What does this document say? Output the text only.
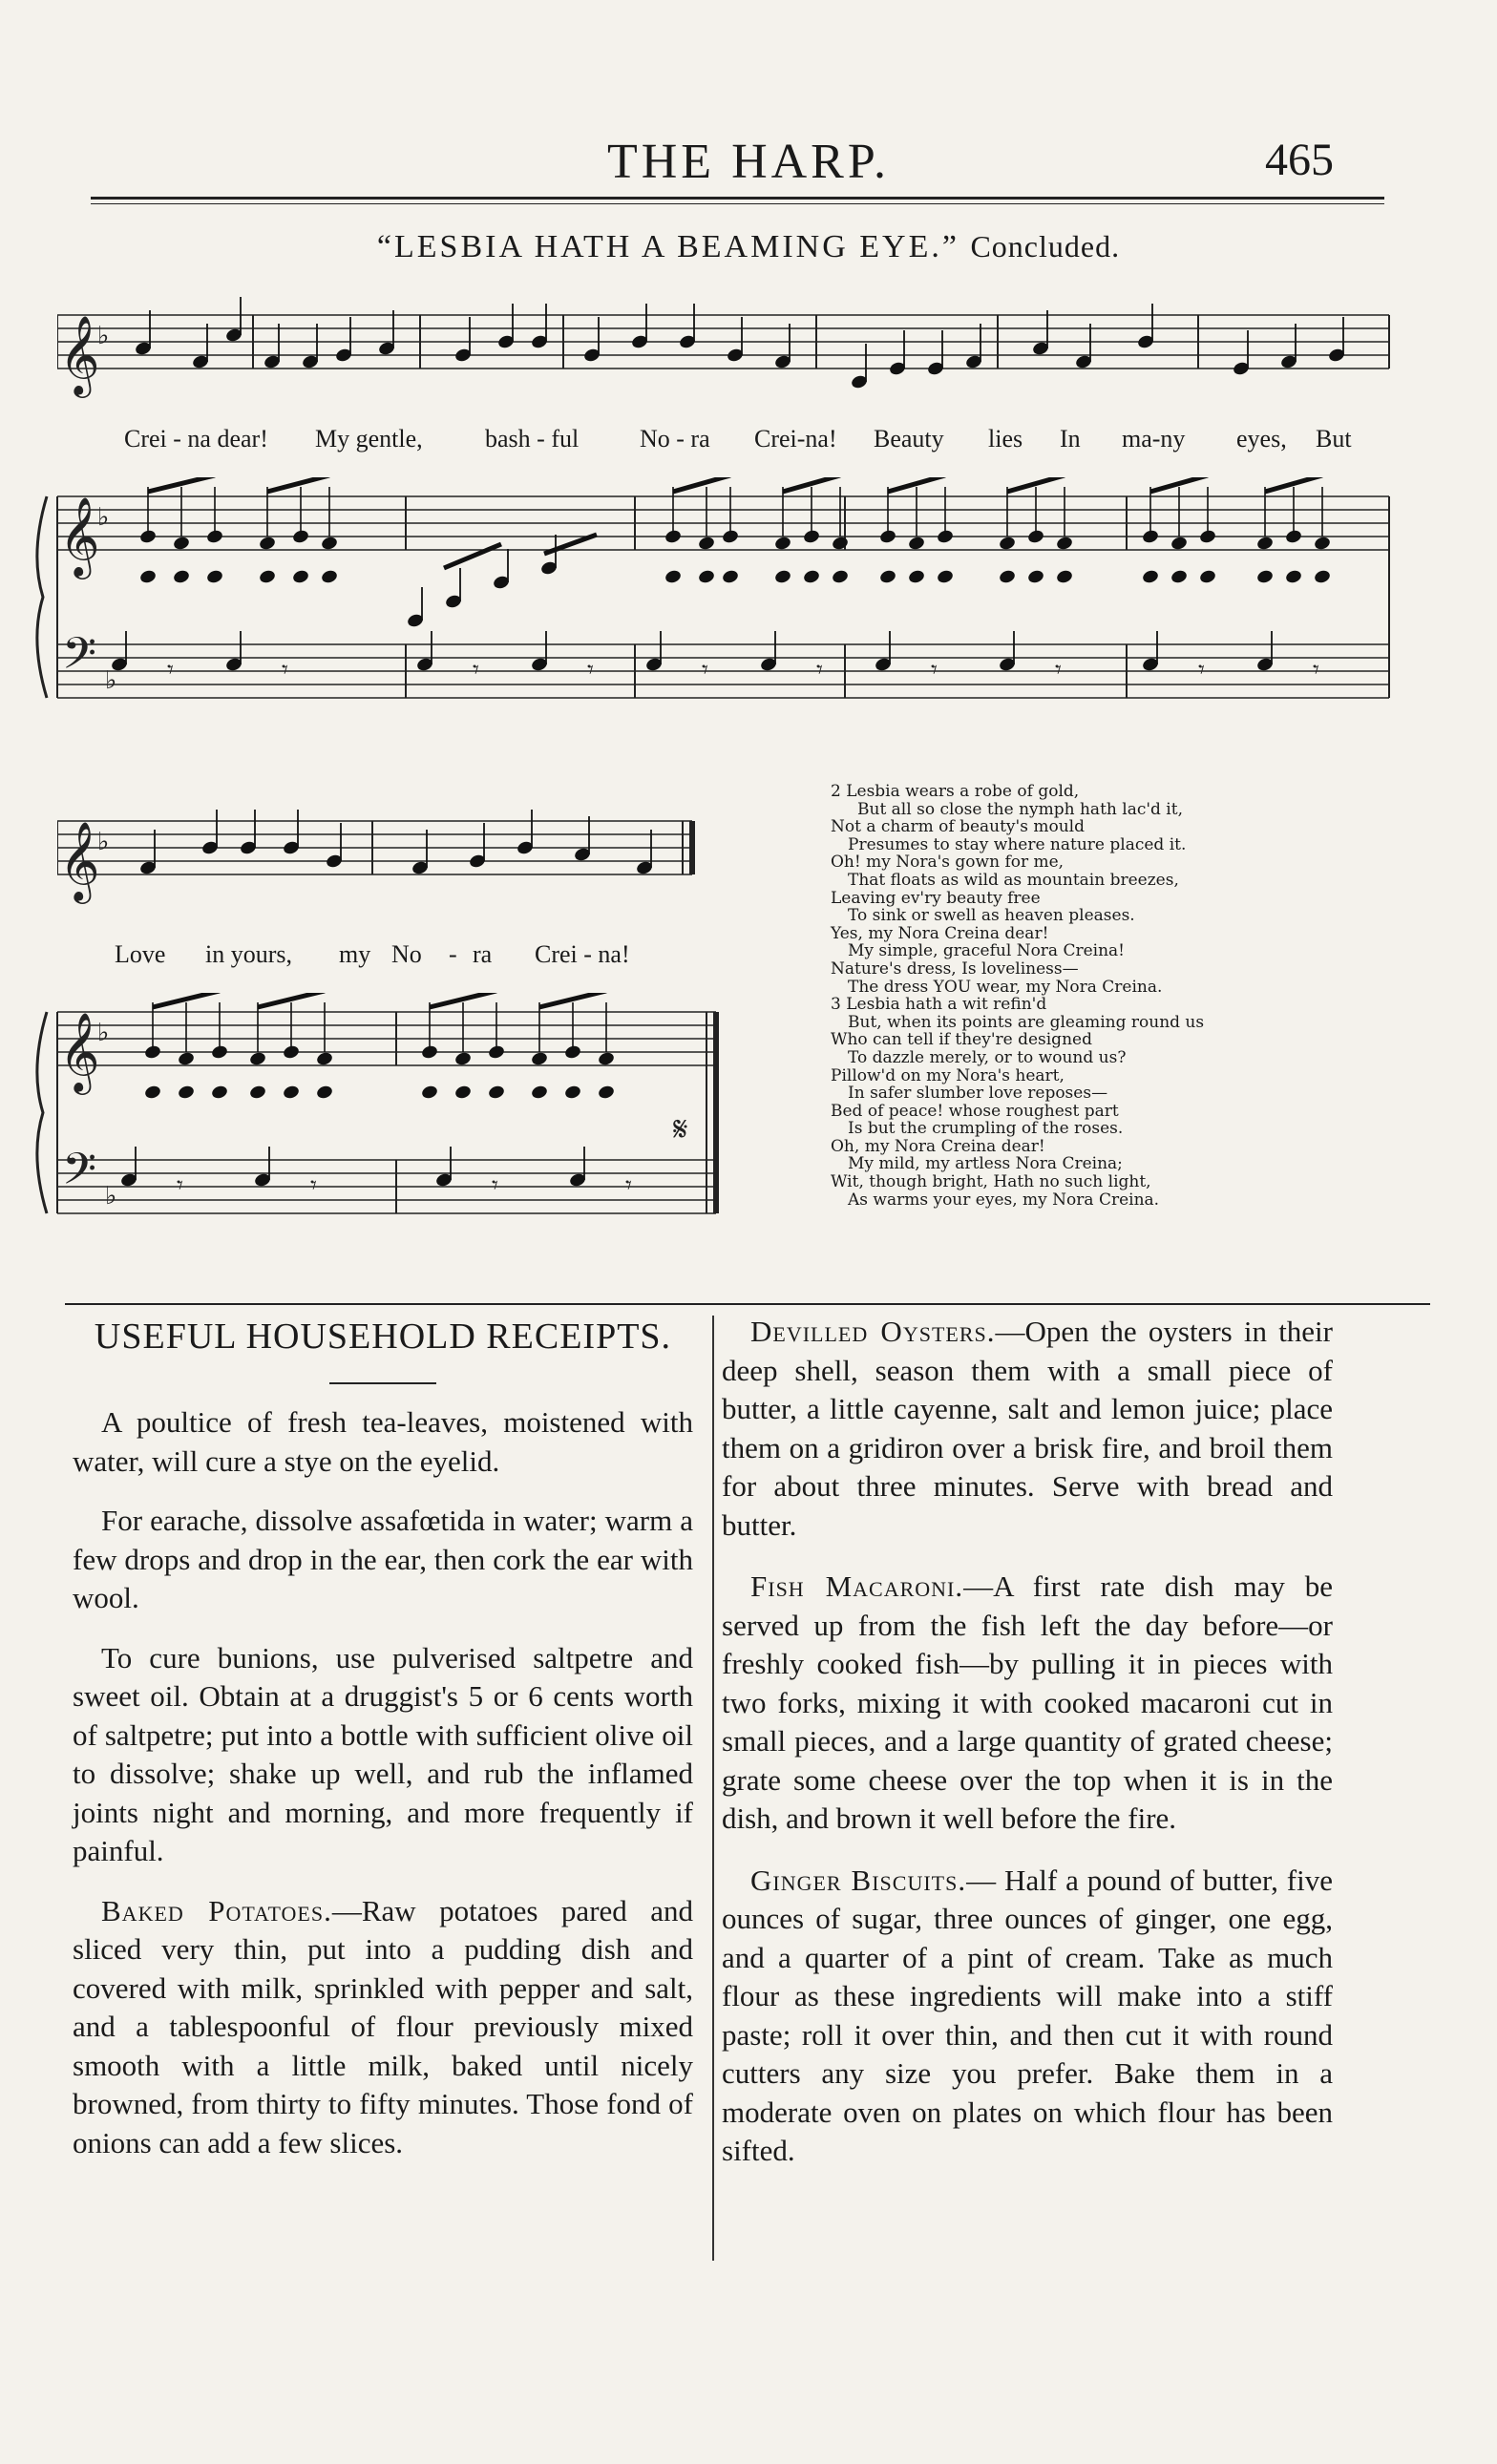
THE HARP.	465
“LESBIA HATH A BEAMING EYE.” Concluded.
𝄞
♭
Crei - na dear! My gentle,	bash - ful No - ra Crei-na! Beauty lies In ma-ny eyes, But
𝄞
♭
𝄢 ♭ 𝄾	𝄾	𝄾	𝄾	𝄾	𝄾	𝄾	𝄾	𝄾	𝄾
𝄞
♭
Love in yours, my No - ra Crei - na!
𝄞
♭
𝄢 ♭
𝄋
𝄾	𝄾	𝄾	𝄾
2 Lesbia wears a robe of gold,
But all so close the nymph hath lac'd it,
Not a charm of beauty's mould
Presumes to stay where nature placed it.
Oh! my Nora's gown for me,
That floats as wild as mountain breezes,
Leaving ev'ry beauty free
To sink or swell as heaven pleases.
Yes, my Nora Creina dear!
My simple, graceful Nora Creina!
Nature's dress, Is loveliness—
The dress YOU wear, my Nora Creina.
3 Lesbia hath a wit refin'd
But, when its points are gleaming round us
Who can tell if they're designed
To dazzle merely, or to wound us?
Pillow'd on my Nora's heart,
In safer slumber love reposes—
Bed of peace! whose roughest part
Is but the crumpling of the roses.
Oh, my Nora Creina dear!
My mild, my artless Nora Creina;
Wit, though bright, Hath no such light,
As warms your eyes, my Nora Creina.
USEFUL HOUSEHOLD RECEIPTS.

A poultice of fresh tea-leaves, moistened with water, will cure a stye on the eyelid.

For earache, dissolve assafœtida in water; warm a few drops and drop in the ear, then cork the ear with wool.

To cure bunions, use pulverised saltpetre and sweet oil. Obtain at a druggist's 5 or 6 cents worth of saltpetre; put into a bottle with sufficient olive oil to dissolve; shake up well, and rub the inflamed joints night and morning, and more frequently if painful.

Baked Potatoes.—Raw potatoes pared and sliced very thin, put into a pudding dish and covered with milk, sprinkled with pepper and salt, and a tablespoonful of flour previously mixed smooth with a little milk, baked until nicely browned, from thirty to fifty minutes. Those fond of onions can add a few slices.

Devilled Oysters.—Open the oysters in their deep shell, season them with a small piece of butter, a little cayenne, salt and lemon juice; place them on a gridiron over a brisk fire, and broil them for about three minutes. Serve with bread and butter.

Fish Macaroni.—A first rate dish may be served up from the fish left the day before—or freshly cooked fish—by pulling it in pieces with two forks, mixing it with cooked macaroni cut in small pieces, and a large quantity of grated cheese; grate some cheese over the top when it is in the dish, and brown it well before the fire.

Ginger Biscuits.— Half a pound of butter, five ounces of sugar, three ounces of ginger, one egg, and a quarter of a pint of cream. Take as much flour as these ingredients will make into a stiff paste; roll it over thin, and then cut it with round cutters any size you prefer. Bake them in a moderate oven on plates on which flour has been sifted.
